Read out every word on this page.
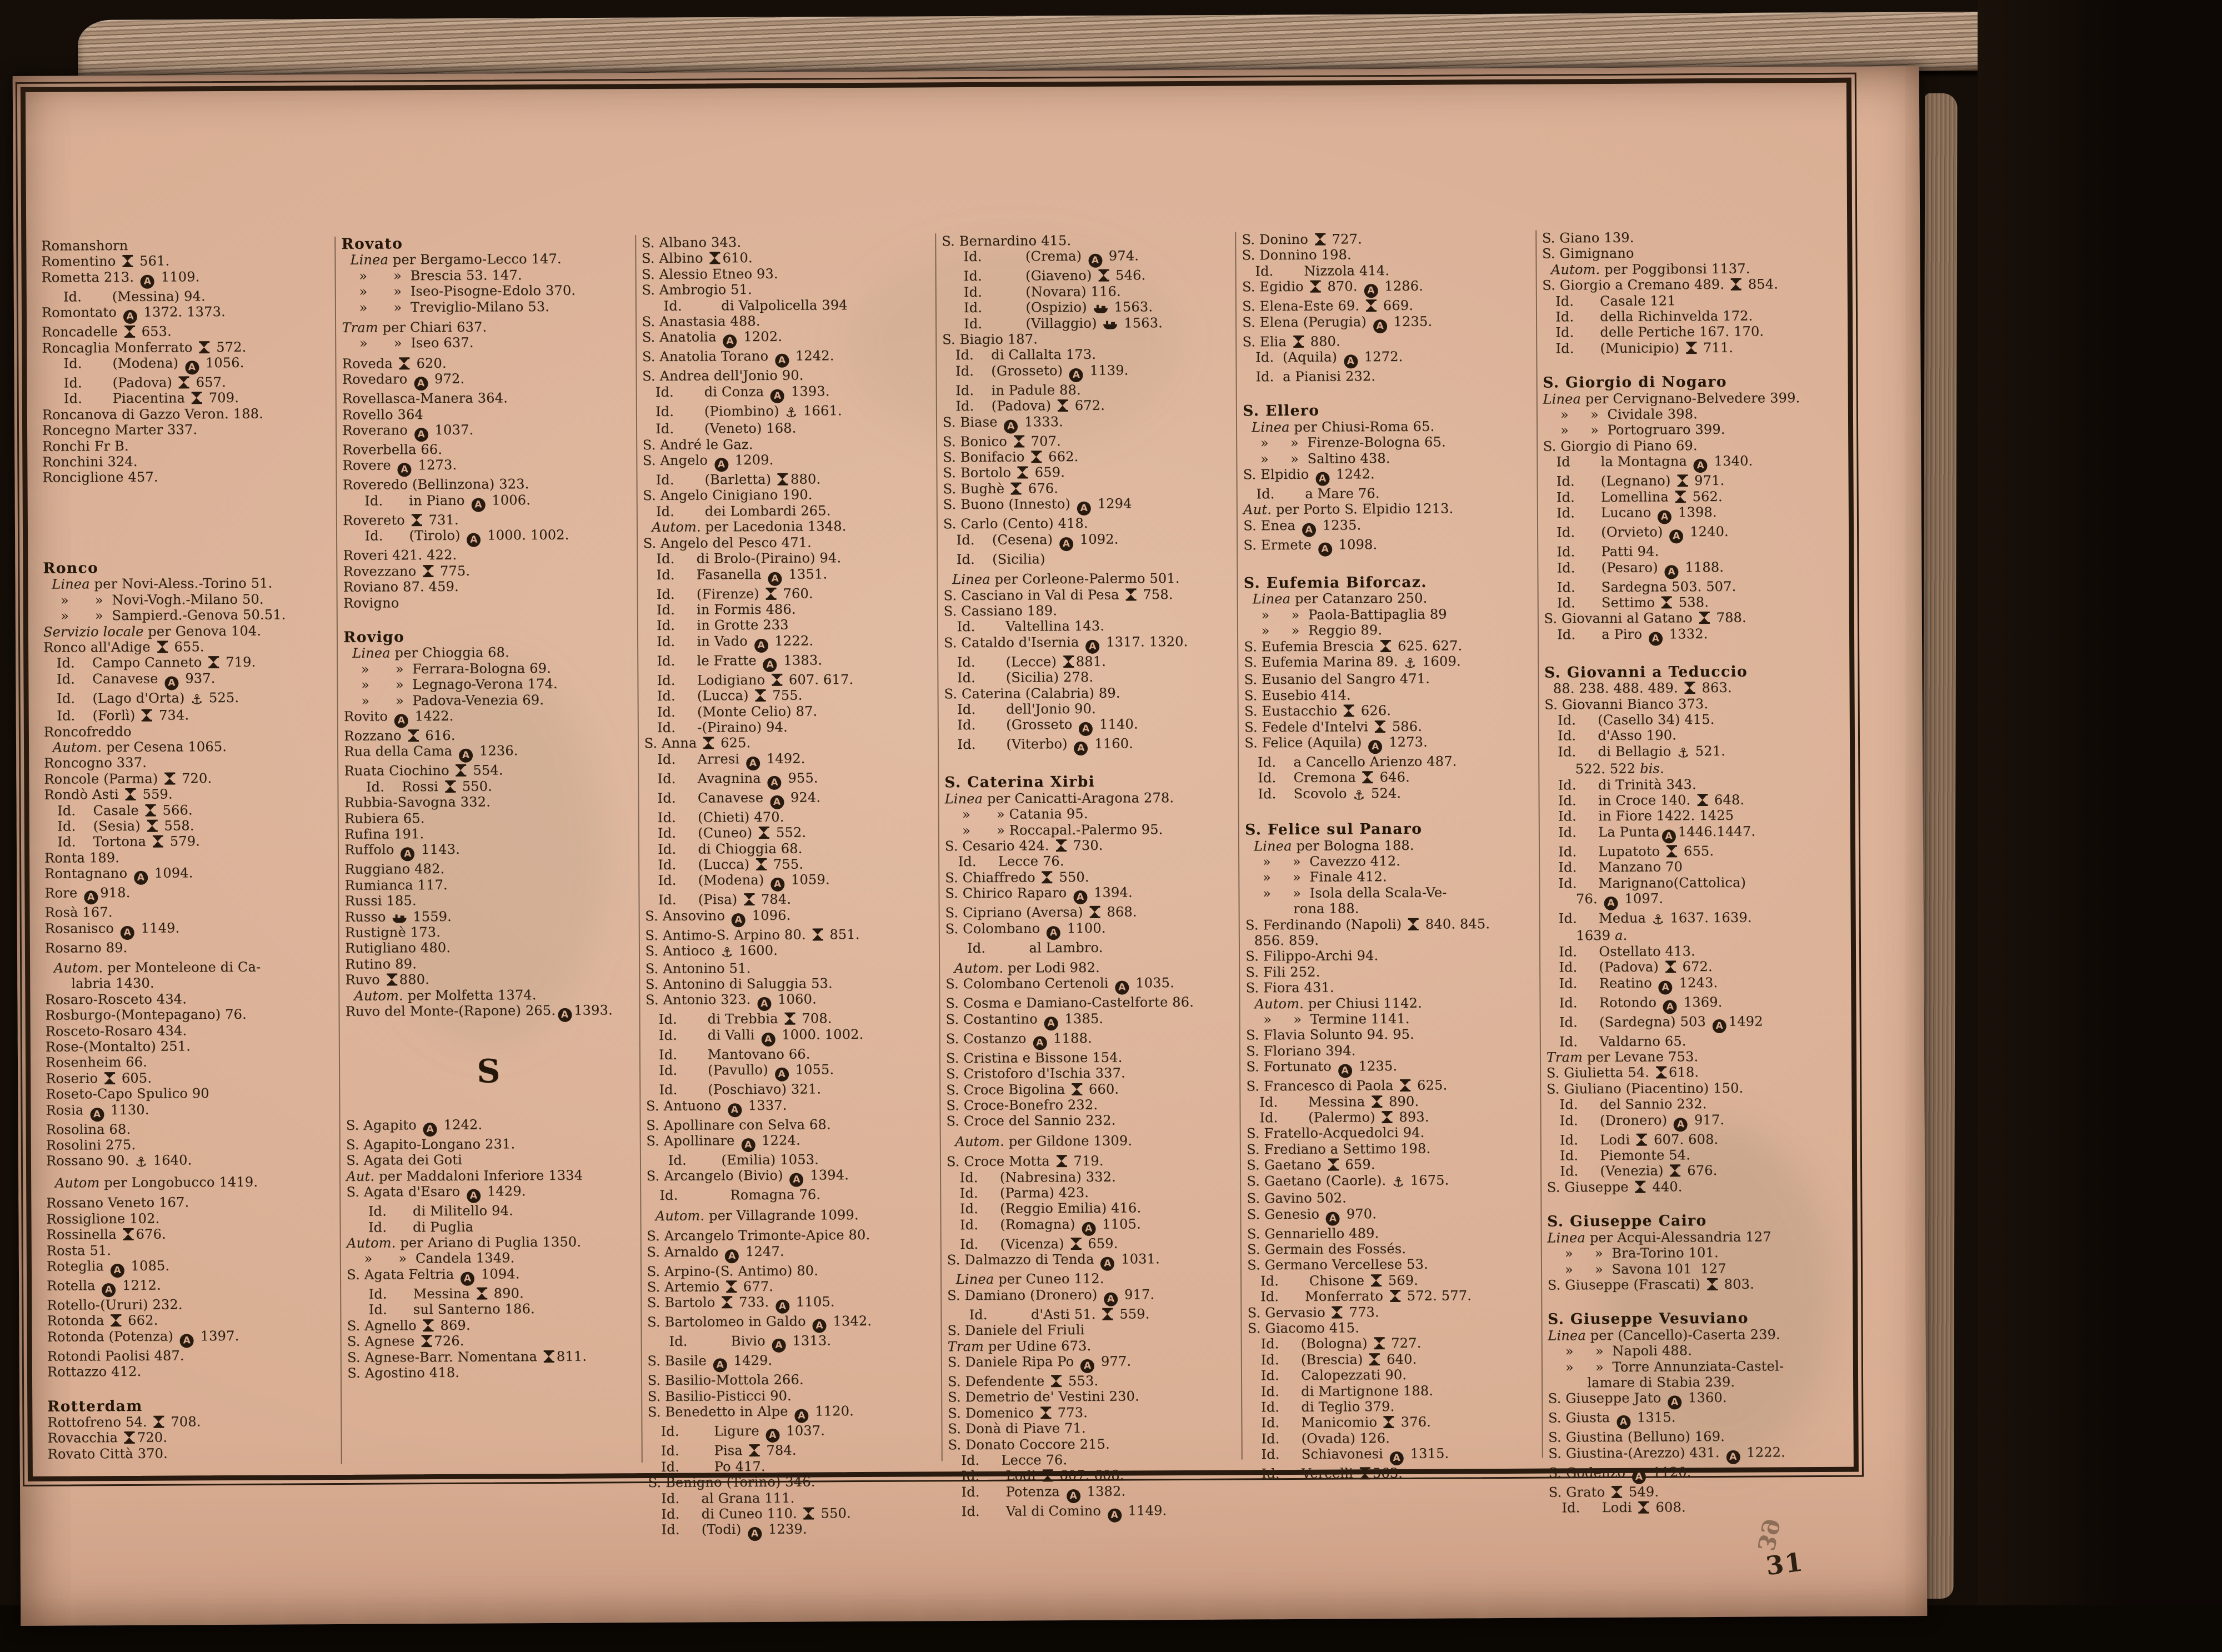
Romanshorn
Romentino  561.
Rometta 213. A 1109.
Id.       (Messina) 94.
Romontato A 1372. 1373.
Roncadelle  653.
Roncaglia Monferrato  572.
Id.       (Modena) A 1056.
Id.       (Padova)  657.
Id.       Piacentina  709.
Roncanova di Gazzo Veron. 188.
Roncegno Marter 337.
Ronchi Fr B.
Ronchini 324.
Ronciglione 457.
Ronco
Linea per Novi-Aless.-Torino 51.
»      »  Novi-Vogh.-Milano 50.
»      »  Sampierd.-Genova 50.51.
Servizio locale per Genova 104.
Ronco all'Adige  655.
Id.    Campo Canneto  719.
Id.    Canavese A 937.
Id.    (Lago d'Orta) ⚓ 525.
Id.    (Forlì)  734.
Roncofreddo
Autom. per Cesena 1065.
Roncogno 337.
Roncole (Parma)  720.
Rondò Asti  559.
Id.    Casale  566.
Id.    (Sesia)  558.
Id.    Tortona  579.
Ronta 189.
Rontagnano A 1094.
Rore A 918.
Rosà 167.
Rosanisco A 1149.
Rosarno 89.
Autom. per Monteleone di Ca-
labria 1430.
Rosaro-Rosceto 434.
Rosburgo-(Montepagano) 76.
Rosceto-Rosaro 434.
Rose-(Montalto) 251.
Rosenheim 66.
Roserio  605.
Roseto-Capo Spulico 90
Rosia A 1130.
Rosolina 68.
Rosolini 275.
Rossano 90. ⚓ 1640.
Autom per Longobucco 1419.
Rossano Veneto 167.
Rossiglione 102.
Rossinella 676.
Rosta 51.
Roteglia A 1085.
Rotella A 1212.
Rotello-(Ururi) 232.
Rotonda  662.
Rotonda (Potenza) A 1397.
Rotondi Paolisi 487.
Rottazzo 412.
Rotterdam
Rottofreno 54.  708.
Rovacchia 720.
Rovato Città 370.
Rovato
Linea per Bergamo-Lecco 147.
»      »  Brescia 53. 147.
»      »  Iseo-Pisogne-Edolo 370.
»      »  Treviglio-Milano 53.
Tram per Chiari 637.
»      »  Iseo 637.
Roveda  620.
Rovedaro A 972.
Rovellasca-Manera 364.
Rovello 364
Roverano A 1037.
Roverbella 66.
Rovere A 1273.
Roveredo (Bellinzona) 323.
Id.      in Piano A 1006.
Rovereto  731.
Id.      (Tirolo) A 1000. 1002.
Roveri 421. 422.
Rovezzano  775.
Roviano 87. 459.
Rovigno
Rovigo
Linea per Chioggia 68.
»      »  Ferrara-Bologna 69.
»      »  Legnago-Verona 174.
»      »  Padova-Venezia 69.
Rovito A 1422.
Rozzano  616.
Rua della Cama A 1236.
Ruata Ciochino  554.
Id.    Rossi  550.
Rubbia-Savogna 332.
Rubiera 65.
Rufina 191.
Ruffolo A 1143.
Ruggiano 482.
Rumianca 117.
Russi 185.
Russo  1559.
Rustignè 173.
Rutigliano 480.
Rutino 89.
Ruvo 880.
Autom. per Molfetta 1374.
Ruvo del Monte-(Rapone) 265. A 1393.
S
S. Agapito A 1242.
S. Agapito-Longano 231.
S. Agata dei Goti
Aut. per Maddaloni Inferiore 1334
S. Agata d'Esaro A 1429.
Id.      di Militello 94.
Id.      di Puglia
Autom. per Ariano di Puglia 1350.
»      »  Candela 1349.
S. Agata Feltria A 1094.
Id.      Messina  890.
Id.      sul Santerno 186.
S. Agnello  869.
S. Agnese 726.
S. Agnese-Barr. Nomentana 811.
S. Agostino 418.
S. Albano 343.
S. Albino 610.
S. Alessio Etneo 93.
S. Ambrogio 51.
Id.         di Valpolicella 394
S. Anastasia 488.
S. Anatolia A 1202.
S. Anatolia Torano A 1242.
S. Andrea dell'Jonio 90.
Id.       di Conza A 1393.
Id.       (Piombino) ⚓ 1661.
Id.       (Veneto) 168.
S. André le Gaz.
S. Angelo A 1209.
Id.       (Barletta) 880.
S. Angelo Cinigiano 190.
Id.       dei Lombardi 265.
Autom. per Lacedonia 1348.
S. Angelo del Pesco 471.
Id.     di Brolo-(Piraino) 94.
Id.     Fasanella A 1351.
Id.     (Firenze)  760.
Id.     in Formis 486.
Id.     in Grotte 233
Id.     in Vado A 1222.
Id.     le Fratte A 1383.
Id.     Lodigiano  607. 617.
Id.     (Lucca)  755.
Id.     (Monte Celio) 87.
Id.     -(Piraino) 94.
S. Anna  625.
Id.     Arresi A 1492.
Id.     Avagnina A 955.
Id.     Canavese A 924.
Id.     (Chieti) 470.
Id.     (Cuneo)  552.
Id.     di Chioggia 68.
Id.     (Lucca)  755.
Id.     (Modena) A 1059.
Id.     (Pisa)  784.
S. Ansovino A 1096.
S. Antimo-S. Arpino 80.  851.
S. Antioco ⚓ 1600.
S. Antonino 51.
S. Antonino di Saluggia 53.
S. Antonio 323. A 1060.
Id.       di Trebbia  708.
Id.       di Valli A 1000. 1002.
Id.       Mantovano 66.
Id.       (Pavullo) A 1055.
Id.       (Poschiavo) 321.
S. Antuono A 1337.
S. Apollinare con Selva 68.
S. Apollinare A 1224.
Id.        (Emilia) 1053.
S. Arcangelo (Bivio) A 1394.
Id.            Romagna 76.
Autom. per Villagrande 1099.
S. Arcangelo Trimonte-Apice 80.
S. Arnaldo A 1247.
S. Arpino-(S. Antimo) 80.
S. Artemio  677.
S. Bartolo  733. A 1105.
S. Bartolomeo in Galdo A 1342.
Id.          Bivio A 1313.
S. Basile A 1429.
S. Basilio-Mottola 266.
S. Basilio-Pisticci 90.
S. Benedetto in Alpe A 1120.
Id.        Ligure A 1037.
Id.        Pisa  784.
Id.        Po 417.
S. Benigno (Torino) 346.
Id.     al Grana 111.
Id.     di Cuneo 110.  550.
Id.     (Todi) A 1239.
S. Bernardino 415.
Id.          (Crema) A 974.
Id.          (Giaveno)  546.
Id.          (Novara) 116.
Id.          (Ospizio)  1563.
Id.          (Villaggio)  1563.
S. Biagio 187.
Id.    di Callalta 173.
Id.    (Grosseto) A 1139.
Id.    in Padule 88.
Id.    (Padova)  672.
S. Biase A 1333.
S. Bonico  707.
S. Bonifacio  662.
S. Bortolo  659.
S. Bughè  676.
S. Buono (Innesto) A 1294
S. Carlo (Cento) 418.
Id.    (Cesena) A 1092.
Id.    (Sicilia)
Linea per Corleone-Palermo 501.
S. Casciano in Val di Pesa  758.
S. Cassiano 189.
Id.       Valtellina 143.
S. Cataldo d'Isernia A 1317. 1320.
Id.       (Lecce) 881.
Id.       (Sicilia) 278.
S. Caterina (Calabria) 89.
Id.       dell'Jonio 90.
Id.       (Grosseto A 1140.
Id.       (Viterbo) A 1160.
S. Caterina Xirbi
Linea per Canicatti-Aragona 278.
»      » Catania 95.
»      » Roccapal.-Palermo 95.
S. Cesario 424.  730.
Id.     Lecce 76.
S. Chiaffredo  550.
S. Chirico Raparo A 1394.
S. Cipriano (Aversa)  868.
S. Colombano A 1100.
Id.          al Lambro.
Autom. per Lodi 982.
S. Colombano Certenoli A 1035.
S. Cosma e Damiano-Castelforte 86.
S. Costantino A 1385.
S. Costanzo A 1188.
S. Cristina e Bissone 154.
S. Cristoforo d'Ischia 337.
S. Croce Bigolina  660.
S. Croce-Bonefro 232.
S. Croce del Sannio 232.
Autom. per Gildone 1309.
S. Croce Motta  719.
Id.     (Nabresina) 332.
Id.     (Parma) 423.
Id.     (Reggio Emilia) 416.
Id.     (Romagna) A 1105.
Id.     (Vicenza)  659.
S. Dalmazzo di Tenda A 1031.
Linea per Cuneo 112.
S. Damiano (Dronero) A 917.
Id.          d'Asti 51.  559.
S. Daniele del Friuli
Tram per Udine 673.
S. Daniele Ripa Po A 977.
S. Defendente  553.
S. Demetrio de' Vestini 230.
S. Domenico  773.
S. Donà di Piave 71.
S. Donato Coccore 215.
Id.     Lecce 76.
Id.      Lodi  607. 608.
Id.      Potenza A 1382.
Id.      Val di Comino A 1149.
S. Donino  727.
S. Donnino 198.
Id.       Nizzola 414.
S. Egidio  870. A 1286.
S. Elena-Este 69.  669.
S. Elena (Perugia) A 1235.
S. Elia  880.
Id.  (Aquila) A 1272.
Id.  a Pianisi 232.
S. Ellero
Linea per Chiusi-Roma 65.
»     »  Firenze-Bologna 65.
»     »  Saltino 438.
S. Elpidio A 1242.
Id.       a Mare 76.
Aut. per Porto S. Elpidio 1213.
S. Enea A 1235.
S. Ermete A 1098.
S. Eufemia Biforcaz.
Linea per Catanzaro 250.
»     »  Paola-Battipaglia 89
»     »  Reggio 89.
S. Eufemia Brescia  625. 627.
S. Eufemia Marina 89. ⚓ 1609.
S. Eusanio del Sangro 471.
S. Eusebio 414.
S. Eustacchio  626.
S. Fedele d'Intelvi  586.
S. Felice (Aquila) A 1273.
Id.    a Cancello Arienzo 487.
Id.    Cremona  646.
Id.    Scovolo ⚓ 524.
S. Felice sul Panaro
Linea per Bologna 188.
»     »  Cavezzo 412.
»     »  Finale 412.
»     »  Isola della Scala-Ve-
rona 188.
S. Ferdinando (Napoli)  840. 845.
856. 859.
S. Filippo-Archi 94.
S. Fili 252.
S. Fiora 431.
Autom. per Chiusi 1142.
»     »  Termine 1141.
S. Flavia Solunto 94. 95.
S. Floriano 394.
S. Fortunato A 1235.
S. Francesco di Paola  625.
Id.       Messina  890.
Id.       (Palermo)  893.
S. Fratello-Acquedolci 94.
S. Frediano a Settimo 198.
S. Gaetano  659.
S. Gaetano (Caorle). ⚓ 1675.
S. Gavino 502.
S. Genesio A 970.
S. Gennariello 489.
S. Germain des Fossés.
S. Germano Vercellese 53.
Id.       Chisone  569.
Id.      Monferrato  572. 577.
S. Gervasio  773.
S. Giacomo 415.
Id.     (Bologna)  727.
Id.     (Brescia)  640.
Id.     Calopezzati 90.
Id.     di Martignone 188.
Id.     di Teglio 379.
Id.     Manicomio  376.
Id.     (Ovada) 126.
Id.     Schiavonesi A 1315.
Id.     Vercelli 563.
S. Giano 139.
S. Gimignano
Autom. per Poggibonsi 1137.
S. Giorgio a Cremano 489.  854.
Id.      Casale 121
Id.      della Richinvelda 172.
Id.      delle Pertiche 167. 170.
Id.      (Municipio)  711.
S. Giorgio di Nogaro
Linea per Cervignano-Belvedere 399.
»     »  Cividale 398.
»     »  Portogruaro 399.
S. Giorgio di Piano 69.
Id       la Montagna A 1340.
Id.      (Legnano)  971.
Id.      Lomellina  562.
Id.      Lucano A 1398.
Id.      (Orvieto) A 1240.
Id.      Patti 94.
Id.      (Pesaro) A 1188.
Id.      Sardegna 503. 507.
Id.      Settimo  538.
S. Giovanni al Gatano  788.
Id.      a Piro A 1332.
S. Giovanni a Teduccio
88. 238. 488. 489.  863.
S. Giovanni Bianco 373.
Id.     (Casello 34) 415.
Id.     d'Asso 190.
Id.     di Bellagio ⚓ 521.
522. 522 bis.
Id.     di Trinità 343.
Id.     in Croce 140.  648.
Id.     in Fiore 1422. 1425
Id.     La Punta A 1446.1447.
Id.     Lupatoto  655.
Id.     Manzano 70
Id.     Marignano(Cattolica)
76. A 1097.
Id.     Medua ⚓ 1637. 1639.
1639 a.
Id.     Ostellato 413.
Id.     (Padova)  672.
Id.     Reatino A 1243.
Id.     Rotondo A 1369.
Id.     (Sardegna) 503 A 1492
Id.     Valdarno 65.
Tram per Levane 753.
S. Giulietta 54. 618.
S. Giuliano (Piacentino) 150.
Id.     del Sannio 232.
Id.     (Dronero) A 917.
Id.     Lodi  607. 608.
Id.     Piemonte 54.
Id.     (Venezia)  676.
S. Giuseppe  440.
S. Giuseppe Cairo
Linea per Acqui-Alessandria 127
»     »  Bra-Torino 101.
»     »  Savona 101  127
S. Giuseppe (Frascati)  803.
S. Giuseppe Vesuviano
Linea per (Cancello)-Caserta 239.
»     »  Napoli 488.
»     »  Torre Annunziata-Castel-
lamare di Stabia 239.
S. Giuseppe Jato A 1360.
S. Giusta A 1315.
S. Giustina (Belluno) 169.
S. Giustina-(Arezzo) 431. A 1222.
S. Godenzo A 1120.
S. Grato  549.
Id.     Lodi  608.
39
31
